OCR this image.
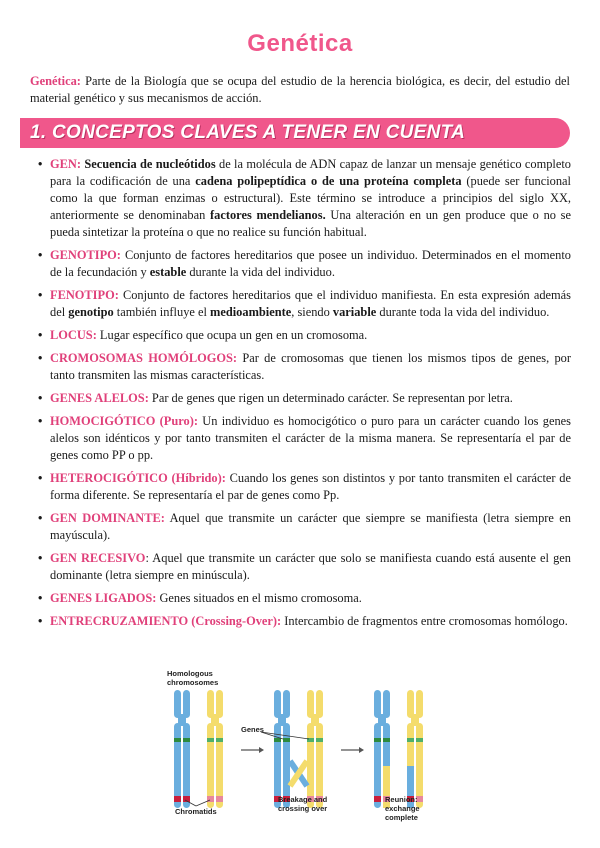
Genética
Genética: Parte de la Biología que se ocupa del estudio de la herencia biológica, es decir, del estudio del material genético y sus mecanismos de acción.
1. CONCEPTOS CLAVES A TENER EN CUENTA
• GEN: Secuencia de nucleótidos de la molécula de ADN capaz de lanzar un mensaje genético completo para la codificación de una cadena polipeptídica o de una proteína completa (puede ser funcional como la que forman enzimas o estructural). Este término se introduce a principios del siglo XX, anteriormente se denominaban factores mendelianos. Una alteración en un gen produce que o no se pueda sintetizar la proteína o que no realice su función habitual.
• GENOTIPO: Conjunto de factores hereditarios que posee un individuo. Determinados en el momento de la fecundación y estable durante la vida del individuo.
• FENOTIPO: Conjunto de factores hereditarios que el individuo manifiesta. En esta expresión además del genotipo también influye el medioambiente, siendo variable durante toda la vida del individuo.
• LOCUS: Lugar específico que ocupa un gen en un cromosoma.
• CROMOSOMAS HOMÓLOGOS: Par de cromosomas que tienen los mismos tipos de genes, por tanto transmiten las mismas características.
• GENES ALELOS: Par de genes que rigen un determinado carácter. Se representan por letra.
• HOMOCIGÓTICO (Puro): Un individuo es homocigótico o puro para un carácter cuando los genes alelos son idénticos y por tanto transmiten el carácter de la misma manera. Se representaría el par de genes como PP o pp.
• HETEROCIGÓTICO (Híbrido): Cuando los genes son distintos y por tanto transmiten el carácter de forma diferente. Se representaría el par de genes como Pp.
• GEN DOMINANTE: Aquel que transmite un carácter que siempre se manifiesta (letra siempre en mayúscula).
• GEN RECESIVO: Aquel que transmite un carácter que solo se manifiesta cuando está ausente el gen dominante (letra siempre en minúscula).
• GENES LIGADOS: Genes situados en el mismo cromosoma.
• ENTRECRUZAMIENTO (Crossing-Over): Intercambio de fragmentos entre cromosomas homólogo.
Homologous
chromosomes
Genes
Chromatids
Breakage and
crossing over
Reunion:
exchange
complete
